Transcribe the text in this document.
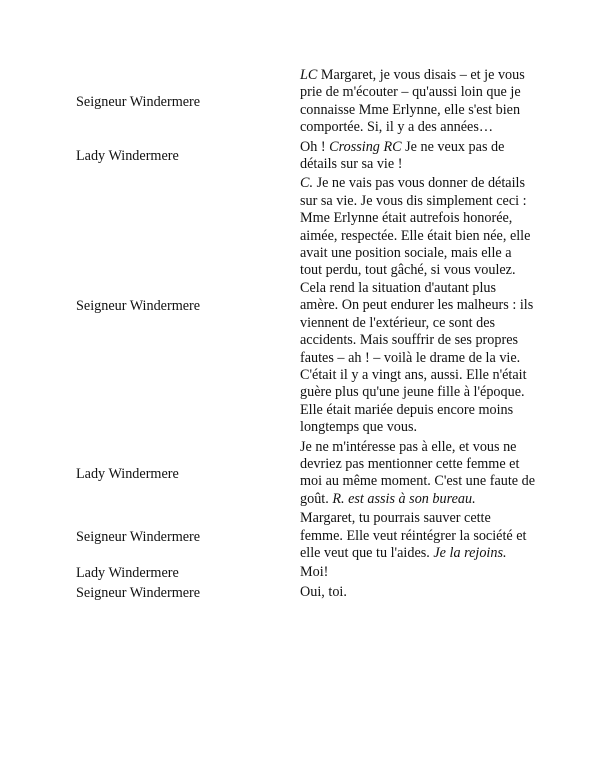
Seigneur Windermere	LC Margaret, je vous disais – et je vous prie de m'écouter – qu'aussi loin que je connaisse Mme Erlynne, elle s'est bien comportée. Si, il y a des années…
Lady Windermere	Oh ! Crossing RC Je ne veux pas de détails sur sa vie !
Seigneur Windermere	C. Je ne vais pas vous donner de détails sur sa vie. Je vous dis simplement ceci : Mme Erlynne était autrefois honorée, aimée, respectée. Elle était bien née, elle avait une position sociale, mais elle a tout perdu, tout gâché, si vous voulez. Cela rend la situation d'autant plus amère. On peut endurer les malheurs : ils viennent de l'extérieur, ce sont des accidents. Mais souffrir de ses propres fautes – ah ! – voilà le drame de la vie. C'était il y a vingt ans, aussi. Elle n'était guère plus qu'une jeune fille à l'époque. Elle était mariée depuis encore moins longtemps que vous.
Lady Windermere	Je ne m'intéresse pas à elle, et vous ne devriez pas mentionner cette femme et moi au même moment. C'est une faute de goût. R. est assis à son bureau.
Seigneur Windermere	Margaret, tu pourrais sauver cette femme. Elle veut réintégrer la société et elle veut que tu l'aides. Je la rejoins.
Lady Windermere	Moi!
Seigneur Windermere	Oui, toi.
